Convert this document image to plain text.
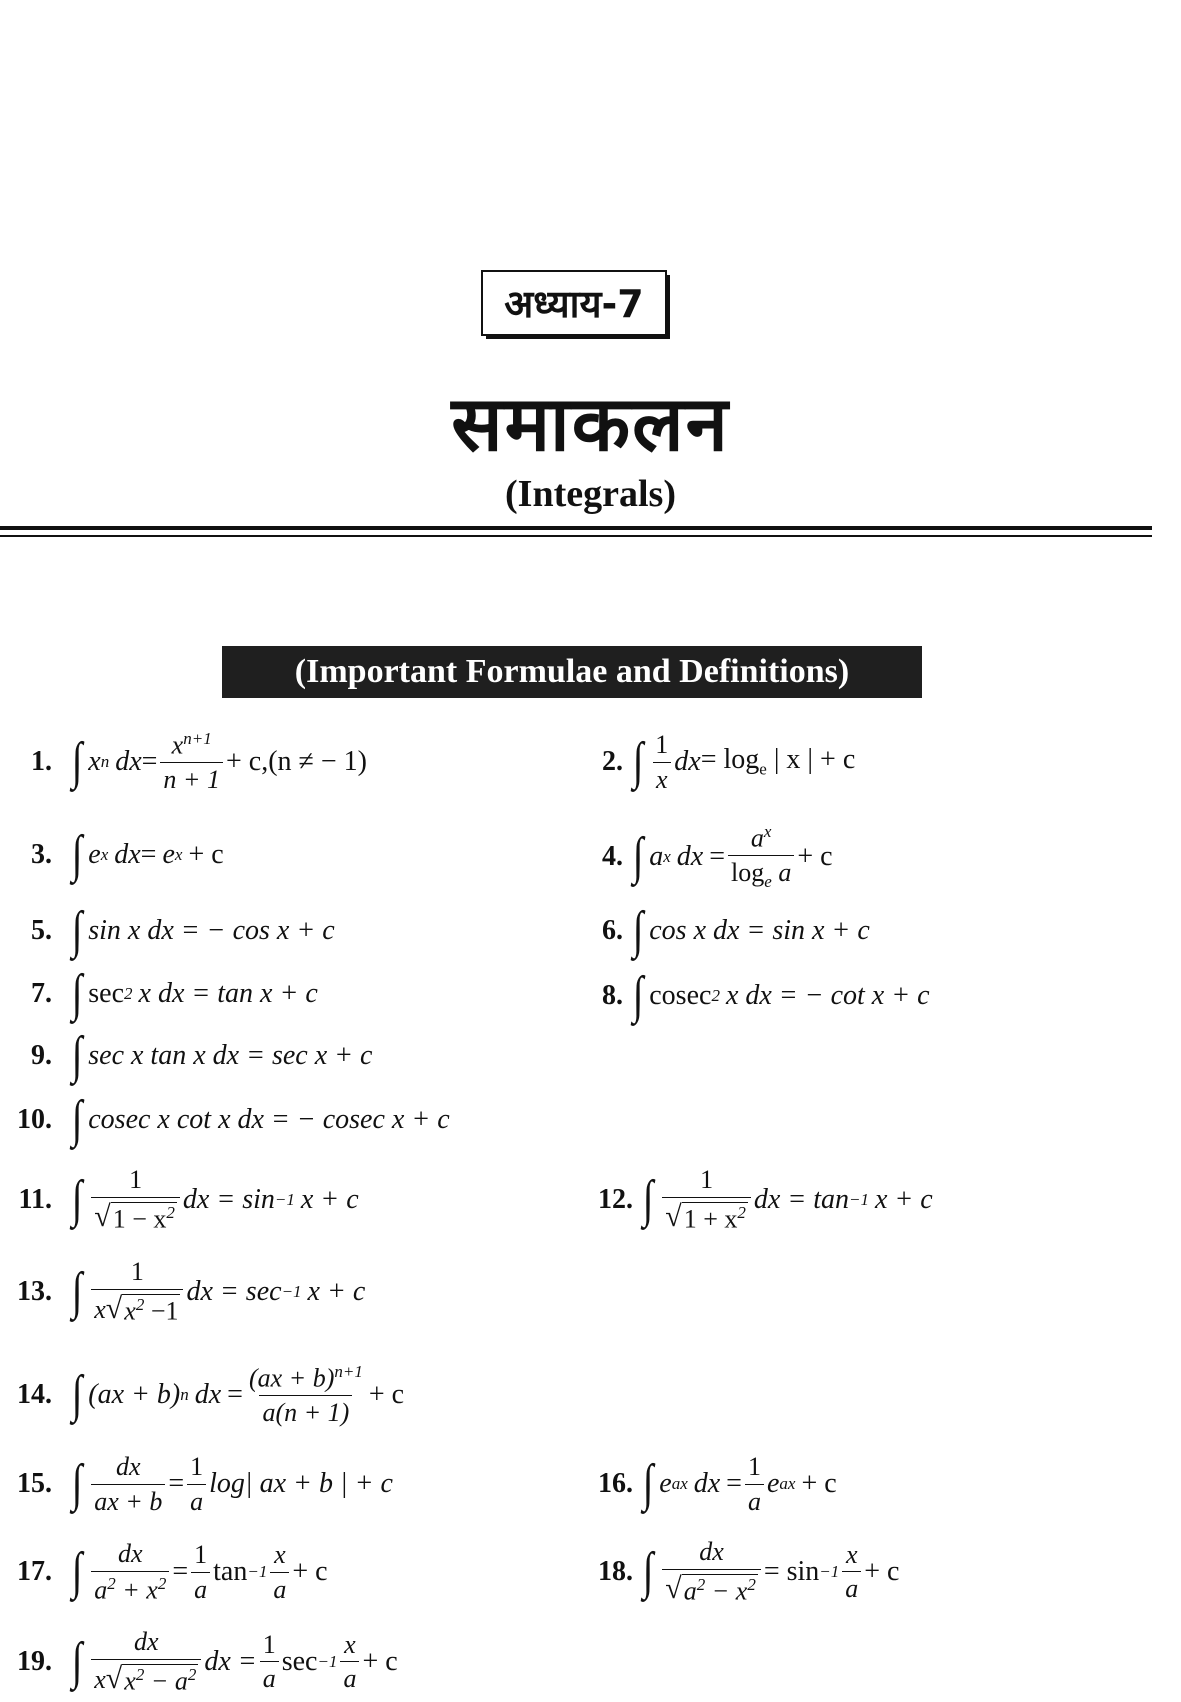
अध्याय-7
समाकलन
(Integrals)
(Important Formulae and Definitions)
1. ∫ x n dx = $\frac{x^{n+1}}{n + 1} + c,(n$ ≠ − 1)	2. ∫ $\frac{1}{x}$ dx = $\log_e$ | x | + c
3. ∫ e x dx = e x + c	4. ∫ a x dx = $\frac{a^x}{\log_e a} + c$
5. ∫ sin x dx = − cos x + c	6. ∫ cos x dx = sin x + c
7. ∫ sec 2 x dx = tan x + c	8. ∫ cosec 2 x dx = − cot x + c
9. ∫ sec x tan x dx = sec x + c
10. ∫ cosec x cot x dx = − cosec x + c
11. ∫ $\frac{1}{√ 1 - x^2}$ dx = sin −1 x + c	12. ∫ $\frac{1}{√ 1 + x^2}$ dx = tan −1 x + c
13. ∫ $\frac{1}{x √ x^2 -1}$ dx = sec −1 x + c
14. ∫ (ax + b) n dx = $\frac{(ax + b)^{n+1}}{a(n + 1)} + c$
15. ∫ $\frac{dx}{ax + b} = \frac{1}{a} \log|$ ax + b | + c	16. ∫ e ax dx = $\frac{1}{a}$ e ax + c
17. ∫ $\frac{dx}{a^2 + x^2} = \frac{1}{a}$ $\tan -1 \frac{x}{a} + c$	18. ∫ $\frac{dx}{√ a^2 - x^2} = \sin -1 \frac{x}{a} + c$
19. ∫ $\frac{dx}{x √ x^2 - a^2}$ dx = $\frac{1}{a}$ $\sec -1 \frac{x}{a} + c$
